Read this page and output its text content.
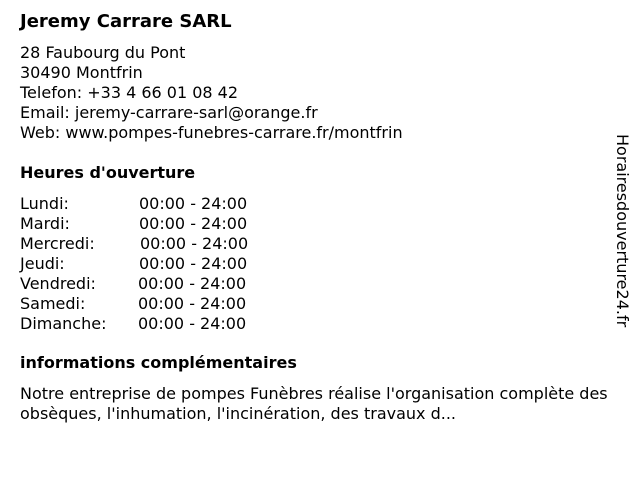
Jeremy Carrare SARL
28 Faubourg du Pont
30490 Montfrin
Telefon: +33 4 66 01 08 42
Email: jeremy-carrare-sarl@orange.fr
Web: www.pompes-funebres-carrare.fr/montfrin
Heures d'ouverture
Lundi:	00:00 - 24:00
Mardi:	00:00 - 24:00
Mercredi:	00:00 - 24:00
Jeudi:	00:00 - 24:00
Vendredi:	00:00 - 24:00
Samedi:	00:00 - 24:00
Dimanche: 00:00 - 24:00
informations complémentaires
Notre entreprise de pompes Funèbres réalise l'organisation complète des obsèques, l'inhumation, l'incinération, des travaux d...
Horairesdouverture24.fr
